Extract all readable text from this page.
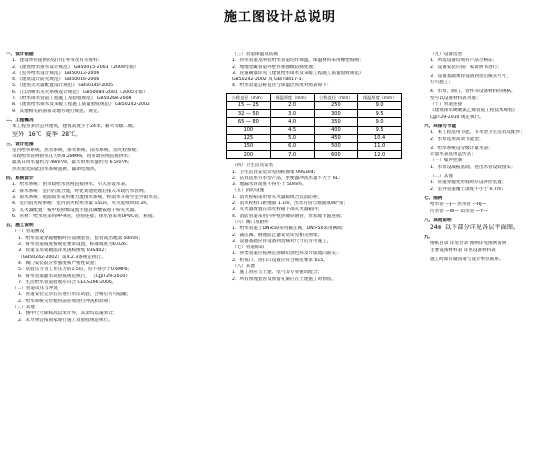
施工图设计总说明
一、设计依据
1．建设单位提供的设计任务书及有关资料；
2．《建筑给水排水设计规范》 GB50015-2003（2009年版）
3．《室外给水设计规范》 GB50013-2006
4．《建筑设计防火规范》 GB50016-2006
5．《建筑灭火器配置设计规范》 GB50140-2005
6．《自动喷水灭火系统设计规范》 GB50084-2001（2005年版）
7．《给水排水管道工程施工及验收规范》 GB50268-2008
8．《建筑给水排水及采暖工程施工质量验收规范》 GB50242-2002
9．其他相关的国家及地方现行规范、规定。
二、工程概况
本工程为多层公共建筑，建筑高度小于24米，耐火等级二级。
室外 16℃ 夏季 28℃。
三、设计范围
室内给水系统、热水系统、排水系统、雨水系统、消火栓系统；
市政给水管网供水压力约0.28MPa，由市政管网直接供水；
最高日用水量约为 48m³/d，最大时用水量约为 6.5m³/h；
热水由太阳能热水系统提供，辅助电加热。
四、系统设计
1．给水系统：由市政给水管网直接供水，引入管设水表。
2．排水系统：室内污废合流，经化粪池处理后排入市政污水管网。
3．雨水系统：屋面雨水采用重力流排水系统，经雨水斗排至室外雨水管。
4．室内消火栓系统：室内消火栓用水量 15L/s，火灾延续时间 2h。
5．灭火器配置：按中危险级设置手提式磷酸铵盐干粉灭火器。
6．管材：给水管采用PP-R管，热熔连接；排水管采用UPVC管，粘接。
五、施工说明
（一）管道敷设
1．给水管道穿越楼板时应设钢套管，套管高出地面 50mm；
2．排水管道坡度按规范要求设置，标准坡度为0.026；
3．管道支吊架做法详见国标图集 03S402；
（GB50242-2002）第4.2.3条规定执行。
4．阀门安装前应作强度和严密性试验；
5．试验压力为工作压力的1.5倍，但不得小于0.6MPa；
6．排水管道灌水试验按规范执行。 《CJJ/T29-2010》
7．生活给水管道验收应符合 CECS196:2006。
（二）管道试压与冲洗
1．管道安装完毕后应进行水压试验，合格后方可隐蔽；
2．给水系统交付使用前必须进行冲洗和消毒；
（三）其他
1．图中尺寸除标高以米计外，其余均以毫米计；
2．未尽事宜按国家现行施工及验收规范执行。
（三）管道保温及防腐
1．热水管道及明装给水管道均作保温，保温材料采用橡塑海绵；
2．埋地金属管道外壁作加强级防腐处理；
3．管道刷漆详见《建筑给水排水及采暖工程施工质量验收规范》
GB50242-2002 及 GB/T8417-1；
4．给水管道公称直径与保温层厚度对照表如下：
公称直径（mm）	保温厚度（mm）	公称直径（mm）	保温厚度（mm）
15 — 25	2.0	250	9.0
32 — 50	3.0	300	9.5
65 — 80	4.0	350	9.0
100	4.5	400	9.5
125	5.0	450	10.4
150	6.0	500	11.0
200	7.0	600	12.0
（四）卫生洁具安装
1．卫生洁具安装详见国标图集 09S304；
2．洁具选用节水型产品，坐便器冲洗水量不大于 6L；
3．地漏水封高度不得小于 50mm。
（五）消防设施
1．消火栓箱采用带灭火器箱组合式消防柜；
2．消火栓栓口距地面 1.1m，出水方向与墙面成90°角；
3．灭火器放置在消火栓箱下部灭火器箱内；
4．消防管道采用内外壁热镀锌钢管，丝扣或卡箍连接；
（六）阀门及附件
1．给水管道上DN≤50采用截止阀，DN>50采用闸阀；
2．减压阀、倒流防止器安装详见相关图集；
3．设备基础应待设备到货核对尺寸后方可施工。
（七）管道标识
1．各类管道应按规定涂刷识别色环及介质流向箭头；
2．检查口、清扫口设置应符合规范要求 615。
（八）其他
1．施工时应与土建、电气等专业密切配合；
2．所有预埋套管及预留孔洞应在土建施工时预留。
（九）设备选型
1．所选设备均须有产品合格证；
2．设备安装应按厂家说明书进行；
3．设备基础须待设备到货后核实尺寸，
方可施工；
4．水泵、阀门、管件等设备材料的规格、
型号以设备材料表为准；
（十）管道连接
《建筑排水硬聚氯乙烯管道工程技术规程》
CJJ/T29-2010 规定执行。
六、环保与节能
1．本工程选用节能、节水型卫生洁具及配件；
2．水泵选用高效节能型；
3．给水系统设分级计量水表；
计量水表选用远传式；
（一）噪声控制
1．水泵设减振基础，进出水管设软接头；
（二）其他
1．管道穿越变形缝时应设补偿装置；
2．室外管道覆土深度不小于 0.7m；
七、图例
给水管 —J— 热水管 —RJ—
污水管 —W— 雨水管 —Y—
八、其他说明
24m 以下部分详见各层平面图。
九、
图纸目录 详见目录 图例详见图例说明
主要设备材料表 详见设备材料表
施工时如有疑问请与设计单位联系。
